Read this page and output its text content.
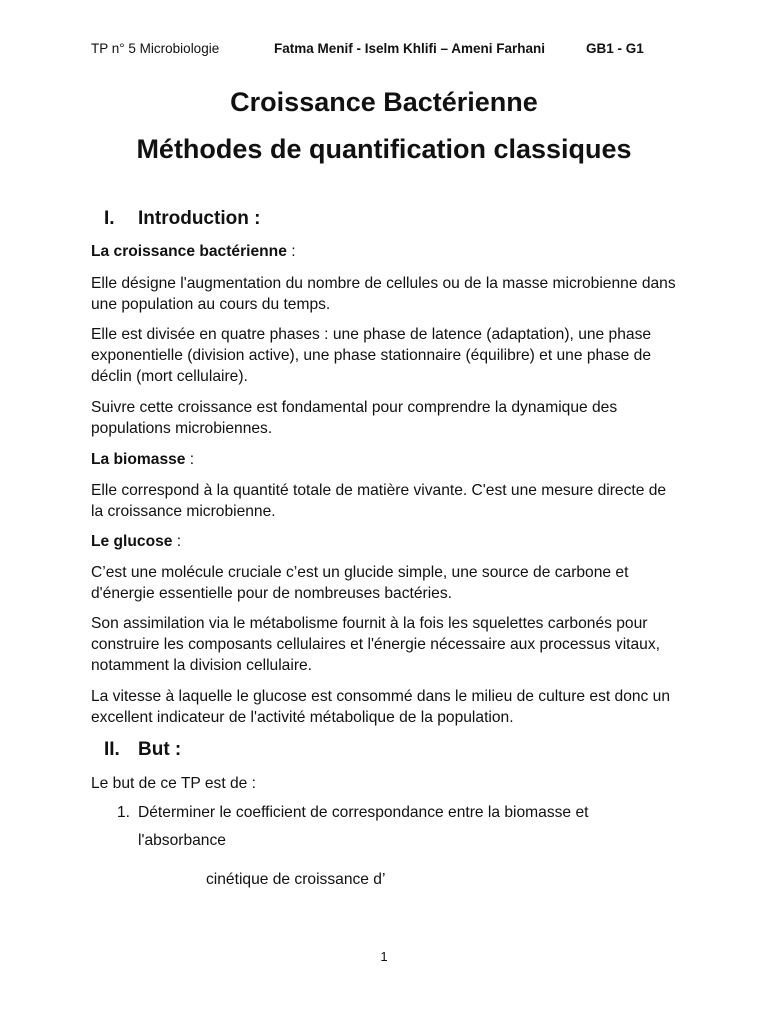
TP n° 5 Microbiologie	Fatma Menif - Iselm Khlifi – Ameni Farhani	GB1 - G1
Croissance Bactérienne
Méthodes de quantification classiques
I. Introduction :

La croissance bactérienne :

Elle désigne l'augmentation du nombre de cellules ou de la masse microbienne dans une population au cours du temps.

Elle est divisée en quatre phases : une phase de latence (adaptation), une phase exponentielle (division active), une phase stationnaire (équilibre) et une phase de déclin (mort cellulaire).

Suivre cette croissance est fondamental pour comprendre la dynamique des populations microbiennes.

La biomasse :

Elle correspond à la quantité totale de matière vivante. C'est une mesure directe de la croissance microbienne.

Le glucose :

C’est une molécule cruciale c’est un glucide simple, une source de carbone et d'énergie essentielle pour de nombreuses bactéries.

Son assimilation via le métabolisme fournit à la fois les squelettes carbonés pour construire les composants cellulaires et l'énergie nécessaire aux processus vitaux, notamment la division cellulaire.

La vitesse à laquelle le glucose est consommé dans le milieu de culture est donc un excellent indicateur de l'activité métabolique de la population.

II. But :

Le but de ce TP est de :

1. Déterminer le coefficient de correspondance entre la biomasse et
l'absorbance

cinétique de croissance d’

1
